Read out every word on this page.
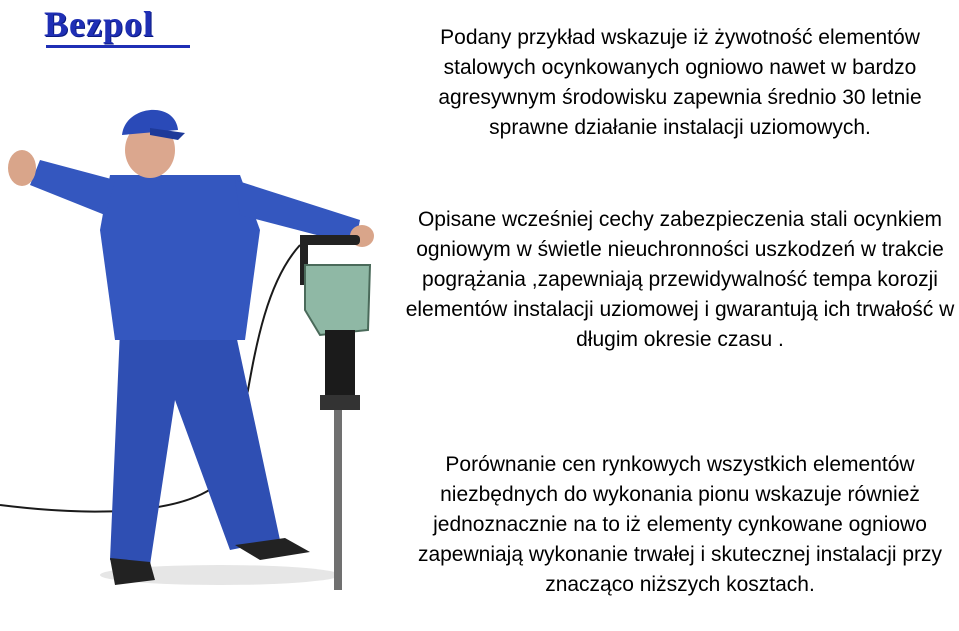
Bezpol	Podany przykład wskazuje iż żywotność elementów stalowych ocynkowanych ogniowo nawet w bardzo agresywnym środowisku zapewnia średnio 30 letnie sprawne działanie instalacji uziomowych.

Opisane wcześniej cechy zabezpieczenia stali ocynkiem ogniowym w świetle nieuchronności uszkodzeń w trakcie pogrążania ,zapewniają przewidywalność tempa korozji elementów instalacji uziomowej i gwarantują ich trwałość w długim okresie czasu .

Porównanie cen rynkowych wszystkich elementów niezbędnych do wykonania pionu wskazuje również jednoznacznie na to iż elementy cynkowane ogniowo zapewniają wykonanie trwałej i skutecznej instalacji przy znacząco niższych kosztach.
